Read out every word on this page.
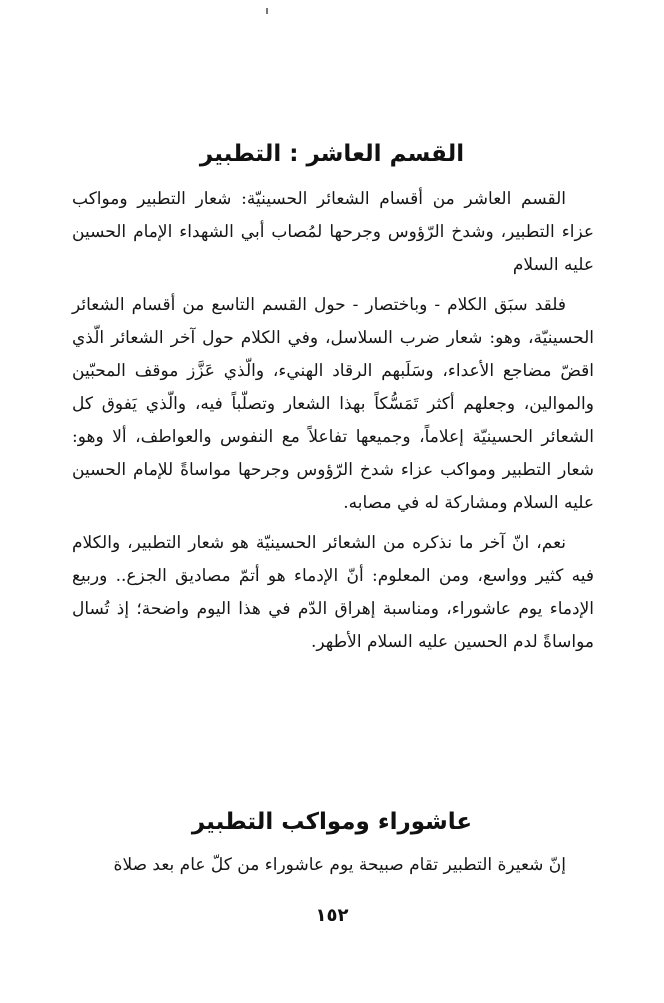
القسم العاشر : التطبير

القسم العاشر من أقسام الشعائر الحسينيّة: شعار التطبير ومواكب عزاء التطبير، وشدخ الرّؤوس وجرحها لمُصاب أبي الشهداء الإمام الحسين عليه السلام

فلقد سبَق الكلام - وباختصار - حول القسم التاسع من أقسام الشعائر الحسينيّة، وهو: شعار ضرب السلاسل، وفي الكلام حول آخر الشعائر الّذي اقضّ مضاجع الأعداء، وسَلَبهم الرقاد الهنيء، والّذي عَزَّز موقف المحبّين والموالين، وجعلهم أكثر تَمَسُّكاً بهذا الشعار وتصلّباً فيه، والّذي يَفوق كل الشعائر الحسينيّة إعلاماً، وجميعها تفاعلاً مع النفوس والعواطف، ألا وهو: شعار التطبير ومواكب عزاء شدخ الرّؤوس وجرحها مواساةً للإمام الحسين عليه السلام ومشاركة له في مصابه.

نعم، انّ آخر ما نذكره من الشعائر الحسينيّة هو شعار التطبير، والكلام فيه كثير وواسع، ومن المعلوم: أنّ الإدماء هو أتمّ مصاديق الجزع.. وربيع الإدماء يوم عاشوراء، ومناسبة إهراق الدّم في هذا اليوم واضحة؛ إذ تُسال مواساةً لدم الحسين عليه السلام الأطهر.

عاشوراء ومواكب التطبير

إنّ شعيرة التطبير تقام صبيحة يوم عاشوراء من كلّ عام بعد صلاة

١٥٢
